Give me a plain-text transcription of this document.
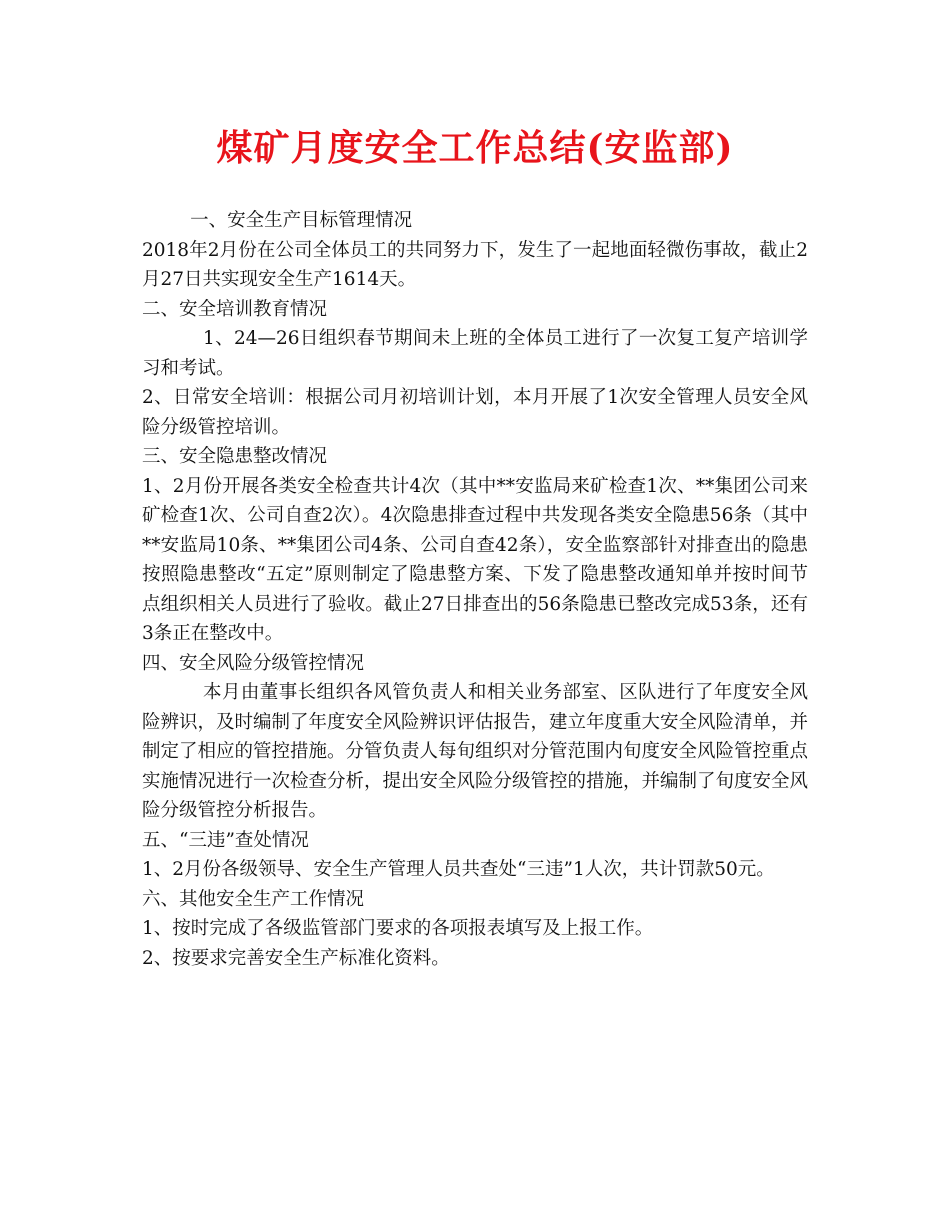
煤矿月度安全工作总结(安监部)

一、安全生产目标管理情况

2018年2月份在公司全体员工的共同努力下，发生了一起地面轻微伤事故，截止2月27日共实现安全生产1614天。

二、安全培训教育情况

1、24—26日组织春节期间未上班的全体员工进行了一次复工复产培训学习和考试。

2、日常安全培训：根据公司月初培训计划，本月开展了1次安全管理人员安全风险分级管控培训。

三、安全隐患整改情况

1、2月份开展各类安全检查共计4次（其中**安监局来矿检查1次、**集团公司来矿检查1次、公司自查2次）。4次隐患排查过程中共发现各类安全隐患56条（其中**安监局10条、**集团公司4条、公司自查42条），安全监察部针对排查出的隐患按照隐患整改“五定”原则制定了隐患整方案、下发了隐患整改通知单并按时间节点组织相关人员进行了验收。截止27日排查出的56条隐患已整改完成53条，还有3条正在整改中。

四、安全风险分级管控情况

本月由董事长组织各风管负责人和相关业务部室、区队进行了年度安全风险辨识，及时编制了年度安全风险辨识评估报告，建立年度重大安全风险清单，并制定了相应的管控措施。分管负责人每旬组织对分管范围内旬度安全风险管控重点实施情况进行一次检查分析，提出安全风险分级管控的措施，并编制了旬度安全风险分级管控分析报告。

五、“三违”查处情况

1、2月份各级领导、安全生产管理人员共查处“三违”1人次，共计罚款50元。

六、其他安全生产工作情况

1、按时完成了各级监管部门要求的各项报表填写及上报工作。

2、按要求完善安全生产标准化资料。
